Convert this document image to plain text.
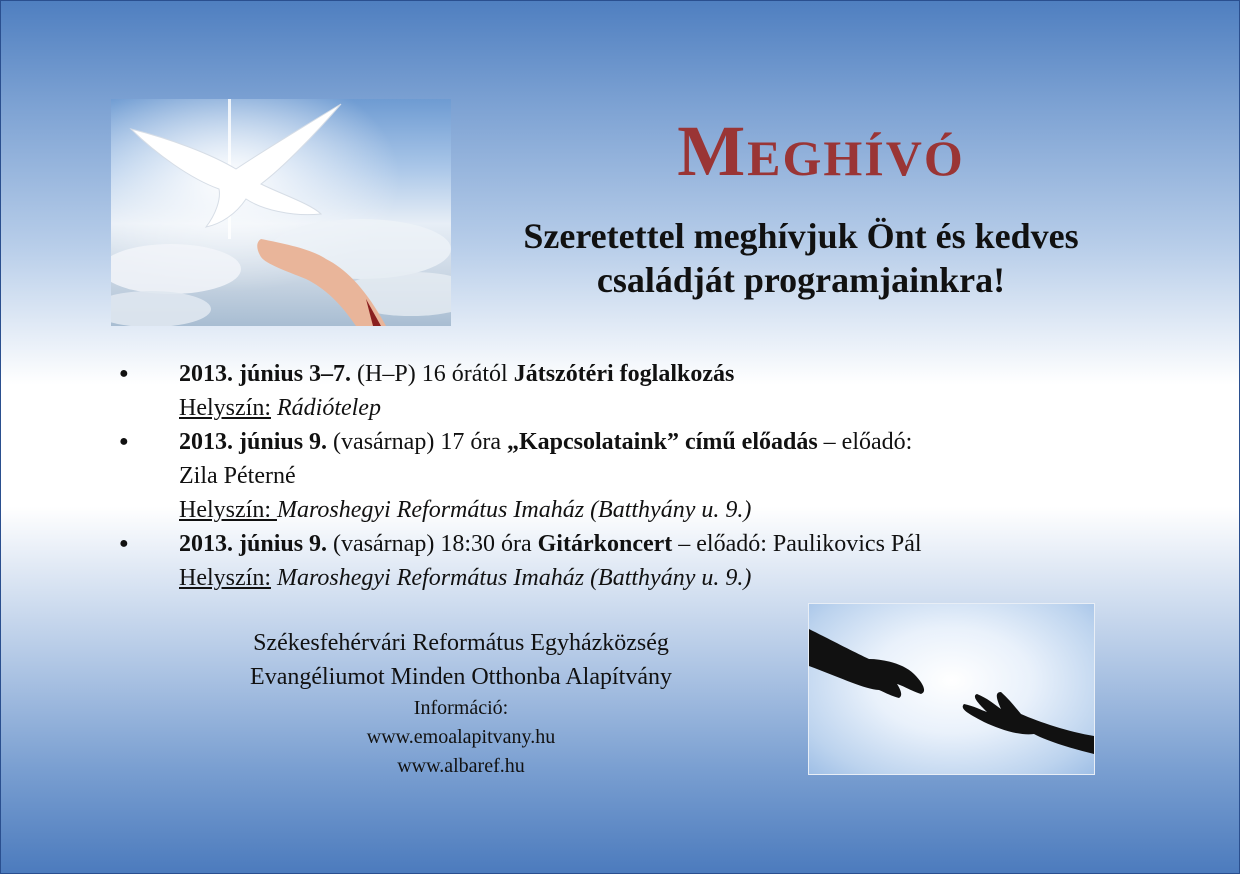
Meghívó
Szeretettel meghívjuk Önt és kedves
családját programjainkra!
●	2013. június 3–7. (H–P) 16 órától Játszótéri foglalkozás
Helyszín: Rádiótelep
●	2013. június 9. (vasárnap) 17 óra „Kapcsolataink” című előadás – előadó:
Zila Péterné
Helyszín: Maroshegyi Református Imaház (Batthyány u. 9.)
●	2013. június 9. (vasárnap) 18:30 óra Gitárkoncert – előadó: Paulikovics Pál
Helyszín: Maroshegyi Református Imaház (Batthyány u. 9.)
Székesfehérvári Református Egyházközség
Evangéliumot Minden Otthonba Alapítvány
Információ:
www.emoalapitvany.hu
www.albaref.hu
